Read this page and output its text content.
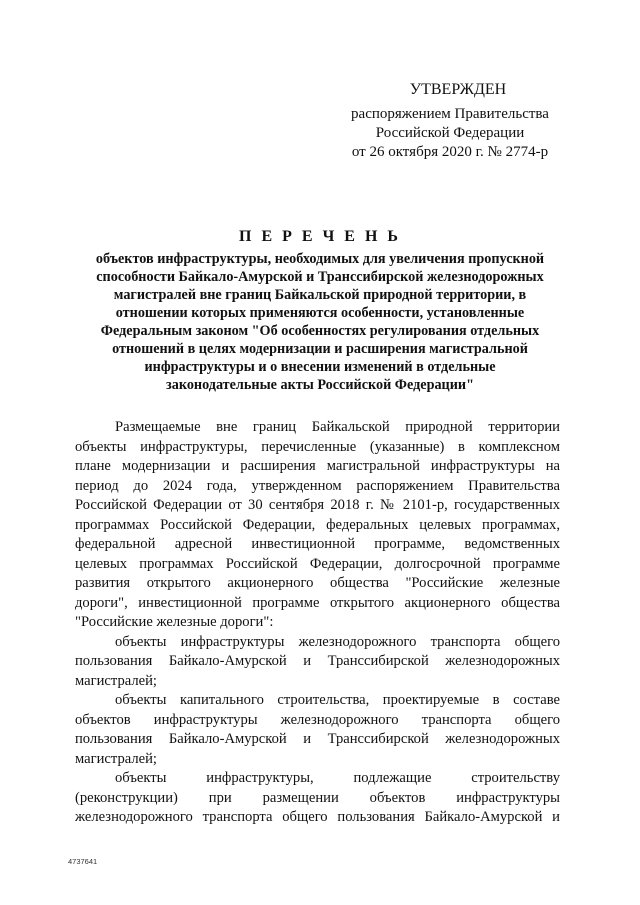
УТВЕРЖДЕН
распоряжением Правительства
Российской Федерации
от 26 октября 2020 г. № 2774-р
П Е Р Е Ч Е Н Ь
объектов инфраструктуры, необходимых для увеличения пропускной
способности Байкало-Амурской и Транссибирской железнодорожных
магистралей вне границ Байкальской природной территории, в
отношении которых применяются особенности, установленные
Федеральным законом "Об особенностях регулирования отдельных
отношений в целях модернизации и расширения магистральной
инфраструктуры и о внесении изменений в отдельные
законодательные акты Российской Федерации"

Размещаемые вне границ Байкальской природной территории
объекты инфраструктуры, перечисленные (указанные) в комплексном
плане модернизации и расширения магистральной инфраструктуры на
период до 2024 года, утвержденном распоряжением Правительства
Российской Федерации от 30 сентября 2018 г. № 2101-р, государственных
программах Российской Федерации, федеральных целевых программах,
федеральной адресной инвестиционной программе, ведомственных
целевых программах Российской Федерации, долгосрочной программе
развития открытого акционерного общества "Российские железные
дороги", инвестиционной программе открытого акционерного общества
"Российские железные дороги":

объекты инфраструктуры железнодорожного транспорта общего
пользования Байкало-Амурской и Транссибирской железнодорожных
магистралей;

объекты капитального строительства, проектируемые в составе
объектов инфраструктуры железнодорожного транспорта общего
пользования Байкало-Амурской и Транссибирской железнодорожных
магистралей;

объекты инфраструктуры, подлежащие строительству
(реконструкции) при размещении объектов инфраструктуры
железнодорожного транспорта общего пользования Байкало-Амурской и

4737641
